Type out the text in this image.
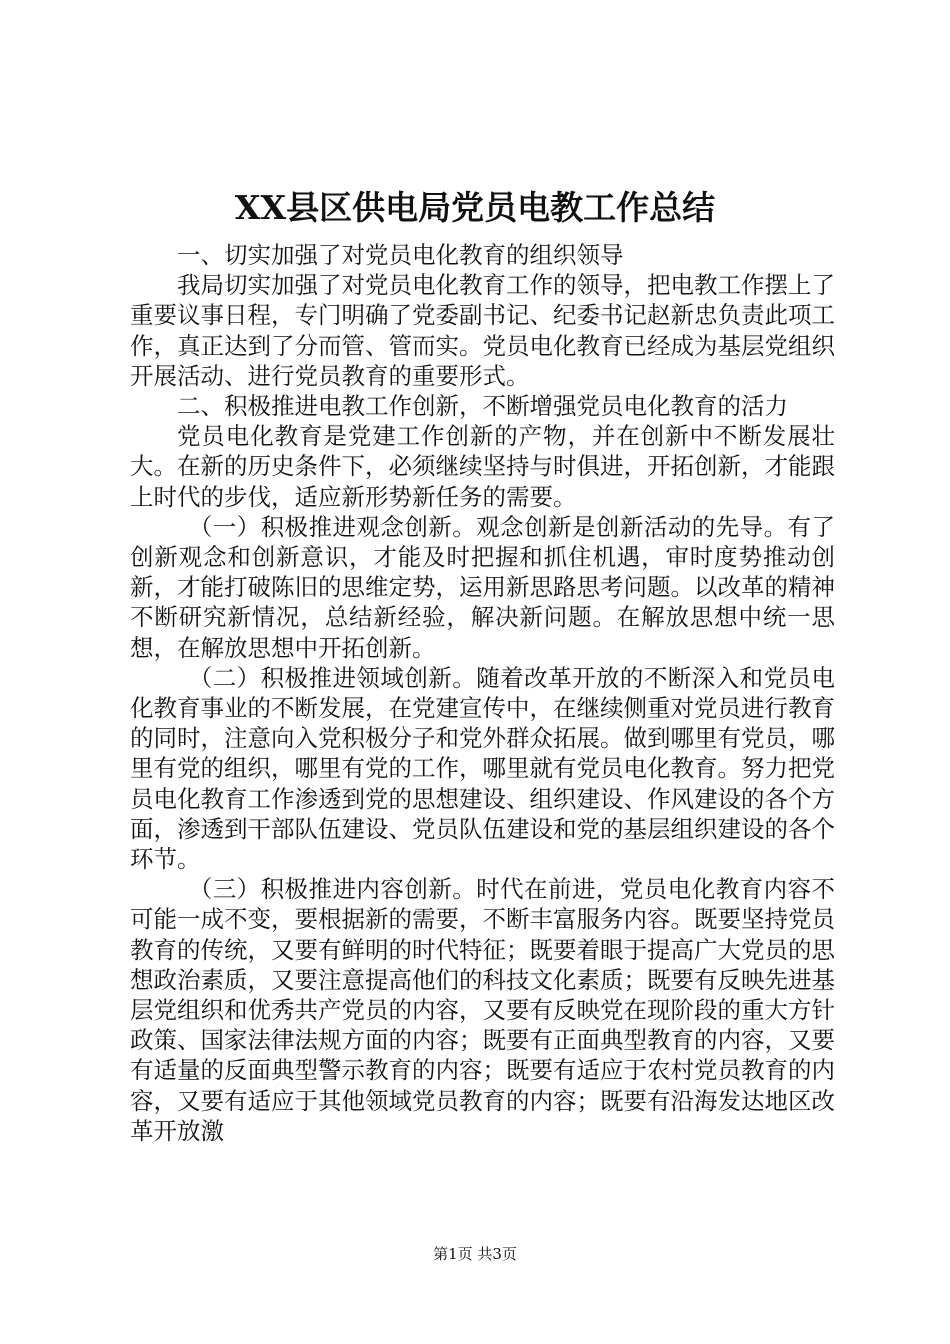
XX县区供电局党员电教工作总结

一、切实加强了对党员电化教育的组织领导

我局切实加强了对党员电化教育工作的领导，把电教工作摆上了重要议事日程，专门明确了党委副书记、纪委书记赵新忠负责此项工作，真正达到了分而管、管而实。党员电化教育已经成为基层党组织开展活动、进行党员教育的重要形式。

二、积极推进电教工作创新，不断增强党员电化教育的活力

党员电化教育是党建工作创新的产物，并在创新中不断发展壮大。在新的历史条件下，必须继续坚持与时俱进，开拓创新，才能跟上时代的步伐，适应新形势新任务的需要。

（一）积极推进观念创新。观念创新是创新活动的先导。有了创新观念和创新意识，才能及时把握和抓住机遇，审时度势推动创新，才能打破陈旧的思维定势，运用新思路思考问题。以改革的精神不断研究新情况，总结新经验，解决新问题。在解放思想中统一思想，在解放思想中开拓创新。

（二）积极推进领域创新。随着改革开放的不断深入和党员电化教育事业的不断发展，在党建宣传中，在继续侧重对党员进行教育的同时，注意向入党积极分子和党外群众拓展。做到哪里有党员，哪里有党的组织，哪里有党的工作，哪里就有党员电化教育。努力把党员电化教育工作渗透到党的思想建设、组织建设、作风建设的各个方面，渗透到干部队伍建设、党员队伍建设和党的基层组织建设的各个环节。

（三）积极推进内容创新。时代在前进，党员电化教育内容不可能一成不变，要根据新的需要，不断丰富服务内容。既要坚持党员教育的传统，又要有鲜明的时代特征；既要着眼于提高广大党员的思想政治素质，又要注意提高他们的科技文化素质；既要有反映先进基层党组织和优秀共产党员的内容，又要有反映党在现阶段的重大方针政策、国家法律法规方面的内容；既要有正面典型教育的内容，又要有适量的反面典型警示教育的内容；既要有适应于农村党员教育的内容，又要有适应于其他领域党员教育的内容；既要有沿海发达地区改革开放激

第1页 共3页
